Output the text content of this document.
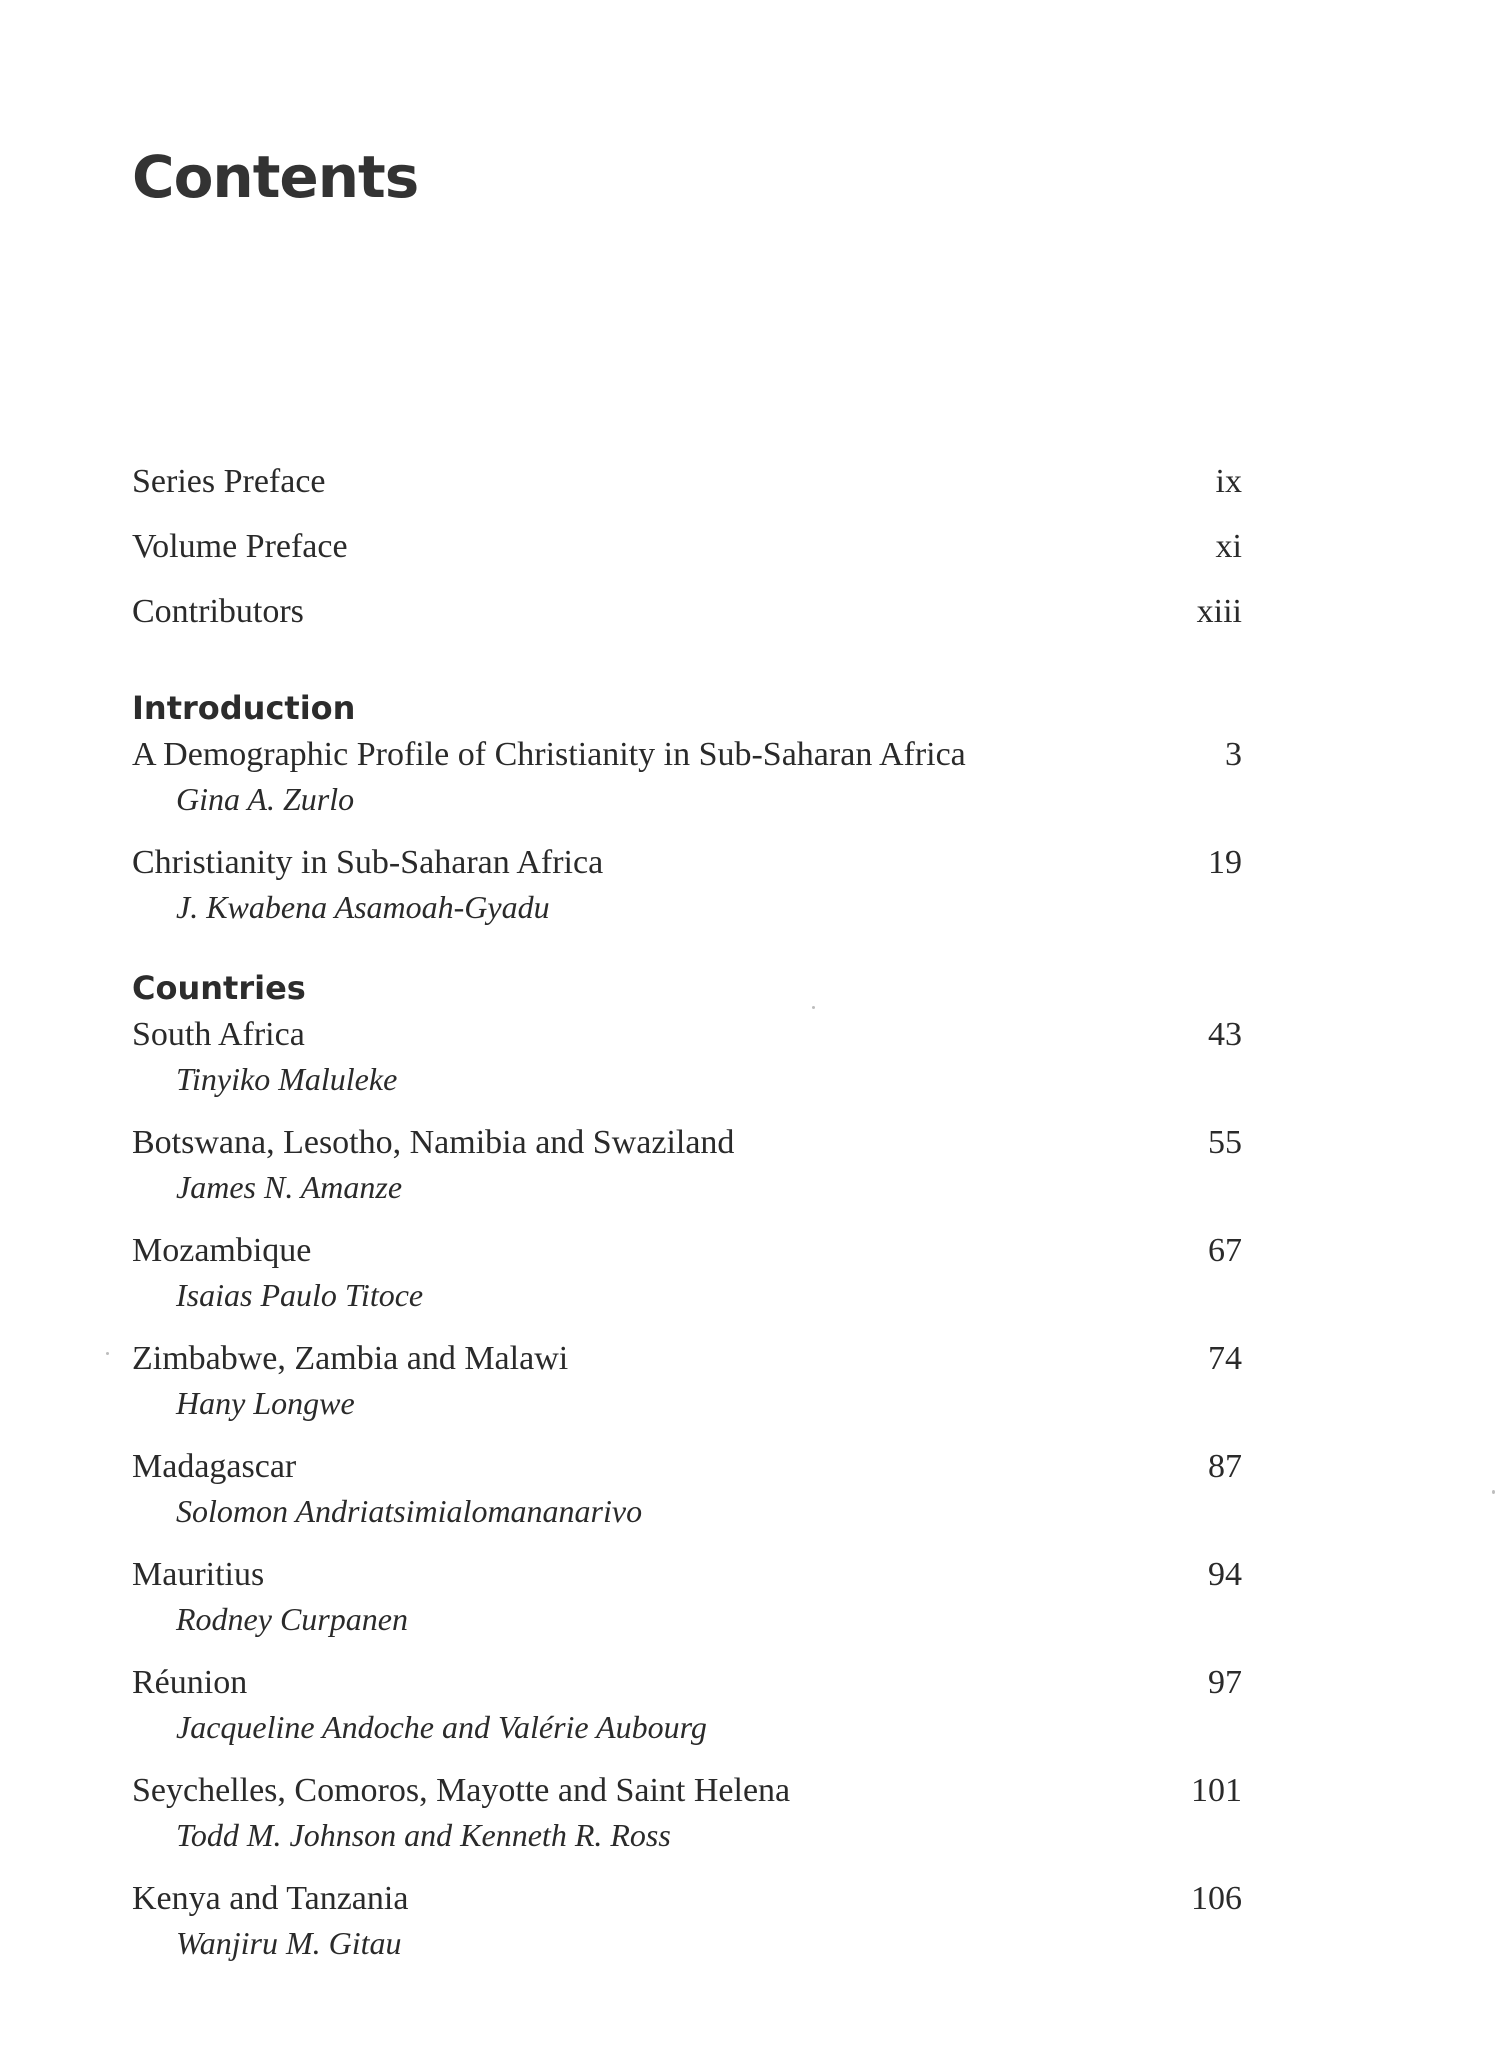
Contents
Series Preface	ix
Volume Preface	xi
Contributors	xiii
Introduction
A Demographic Profile of Christianity in Sub-Saharan Africa	3
Gina A. Zurlo
Christianity in Sub-Saharan Africa	19
J. Kwabena Asamoah-Gyadu
Countries
South Africa	43
Tinyiko Maluleke
Botswana, Lesotho, Namibia and Swaziland	55
James N. Amanze
Mozambique	67
Isaias Paulo Titoce
Zimbabwe, Zambia and Malawi	74
Hany Longwe
Madagascar	87
Solomon Andriatsimialomananarivo
Mauritius	94
Rodney Curpanen
Réunion	97
Jacqueline Andoche and Valérie Aubourg
Seychelles, Comoros, Mayotte and Saint Helena	101
Todd M. Johnson and Kenneth R. Ross
Kenya and Tanzania	106
Wanjiru M. Gitau
